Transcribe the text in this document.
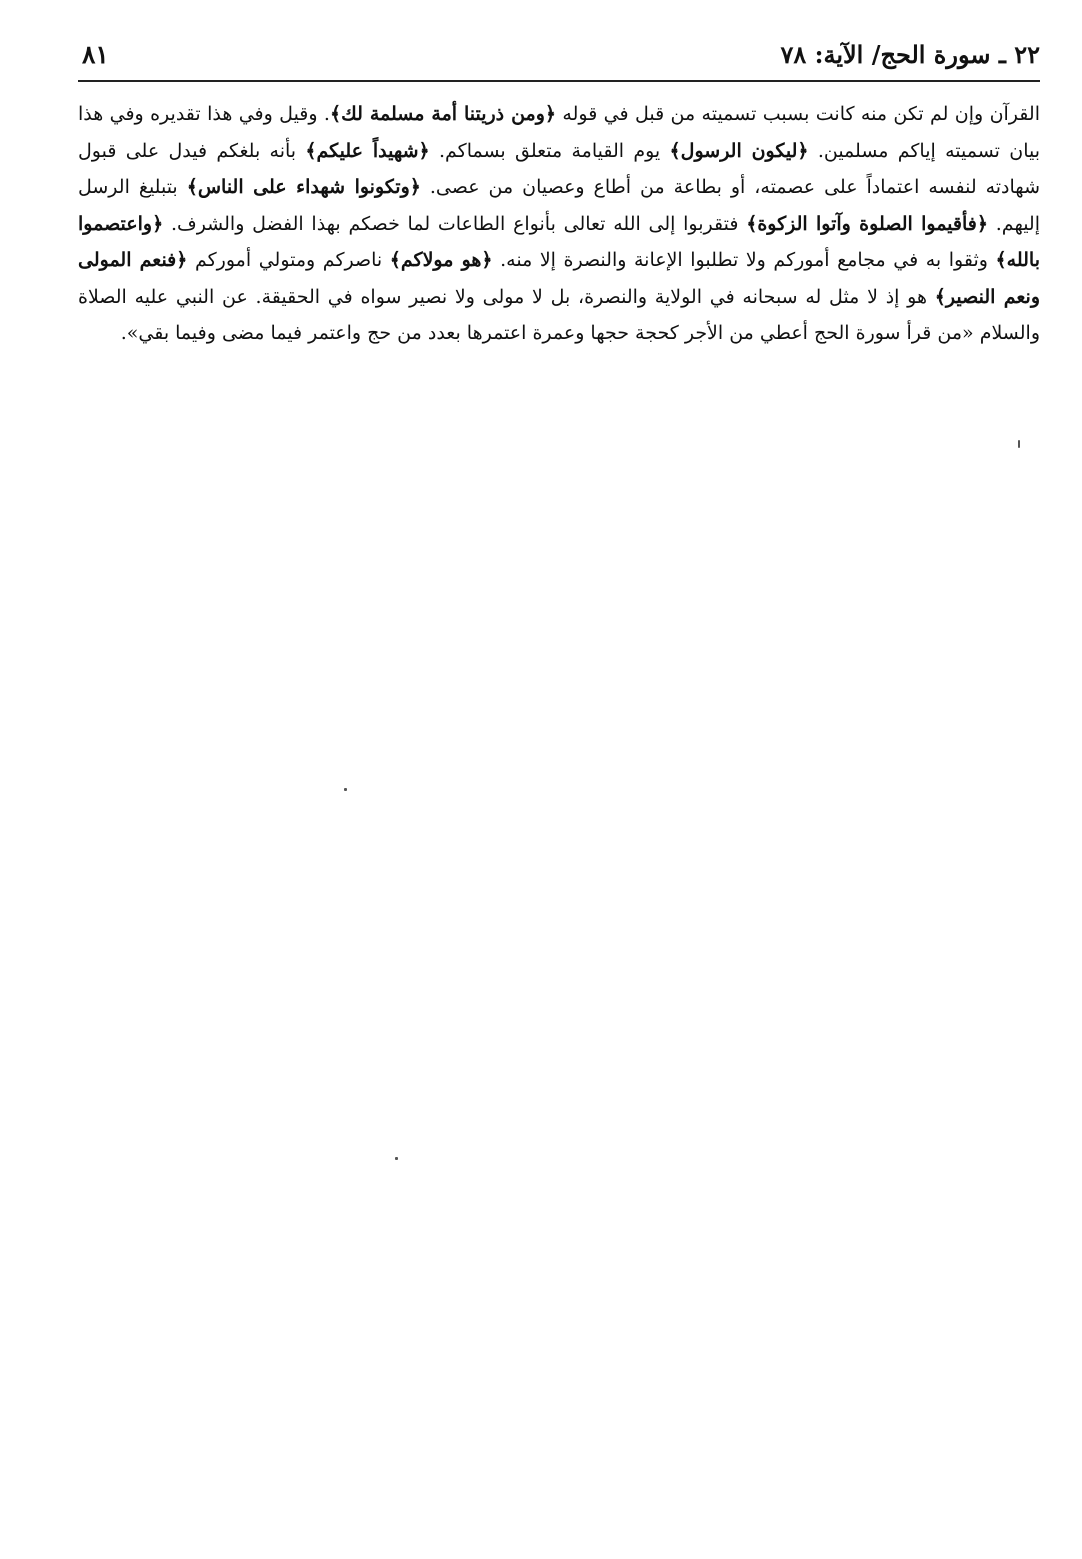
٢٢ ـ سورة الحج/ الآية: ٧٨
٨١
القرآن وإن لم تكن منه كانت بسبب تسميته من قبل في قوله ﴿ومن ذريتنا أمة مسلمة لك﴾. وقيل وفي هذا تقديره وفي هذا بيان تسميته إياكم مسلمين. ﴿ليكون الرسول﴾ يوم القيامة متعلق بسماكم. ﴿شهيداً عليكم﴾ بأنه بلغكم فيدل على قبول شهادته لنفسه اعتماداً على عصمته، أو بطاعة من أطاع وعصيان من عصى. ﴿وتكونوا شهداء على الناس﴾ بتبليغ الرسل إليهم. ﴿فأقيموا الصلوة وآتوا الزكوة﴾ فتقربوا إلى الله تعالى بأنواع الطاعات لما خصكم بهذا الفضل والشرف. ﴿واعتصموا بالله﴾ وثقوا به في مجامع أموركم ولا تطلبوا الإعانة والنصرة إلا منه. ﴿هو مولاكم﴾ ناصركم ومتولي أموركم ﴿فنعم المولى ونعم النصير﴾ هو إذ لا مثل له سبحانه في الولاية والنصرة، بل لا مولى ولا نصير سواه في الحقيقة. عن النبي عليه الصلاة والسلام «من قرأ سورة الحج أعطي من الأجر كحجة حجها وعمرة اعتمرها بعدد من حج واعتمر فيما مضى وفيما بقي».
